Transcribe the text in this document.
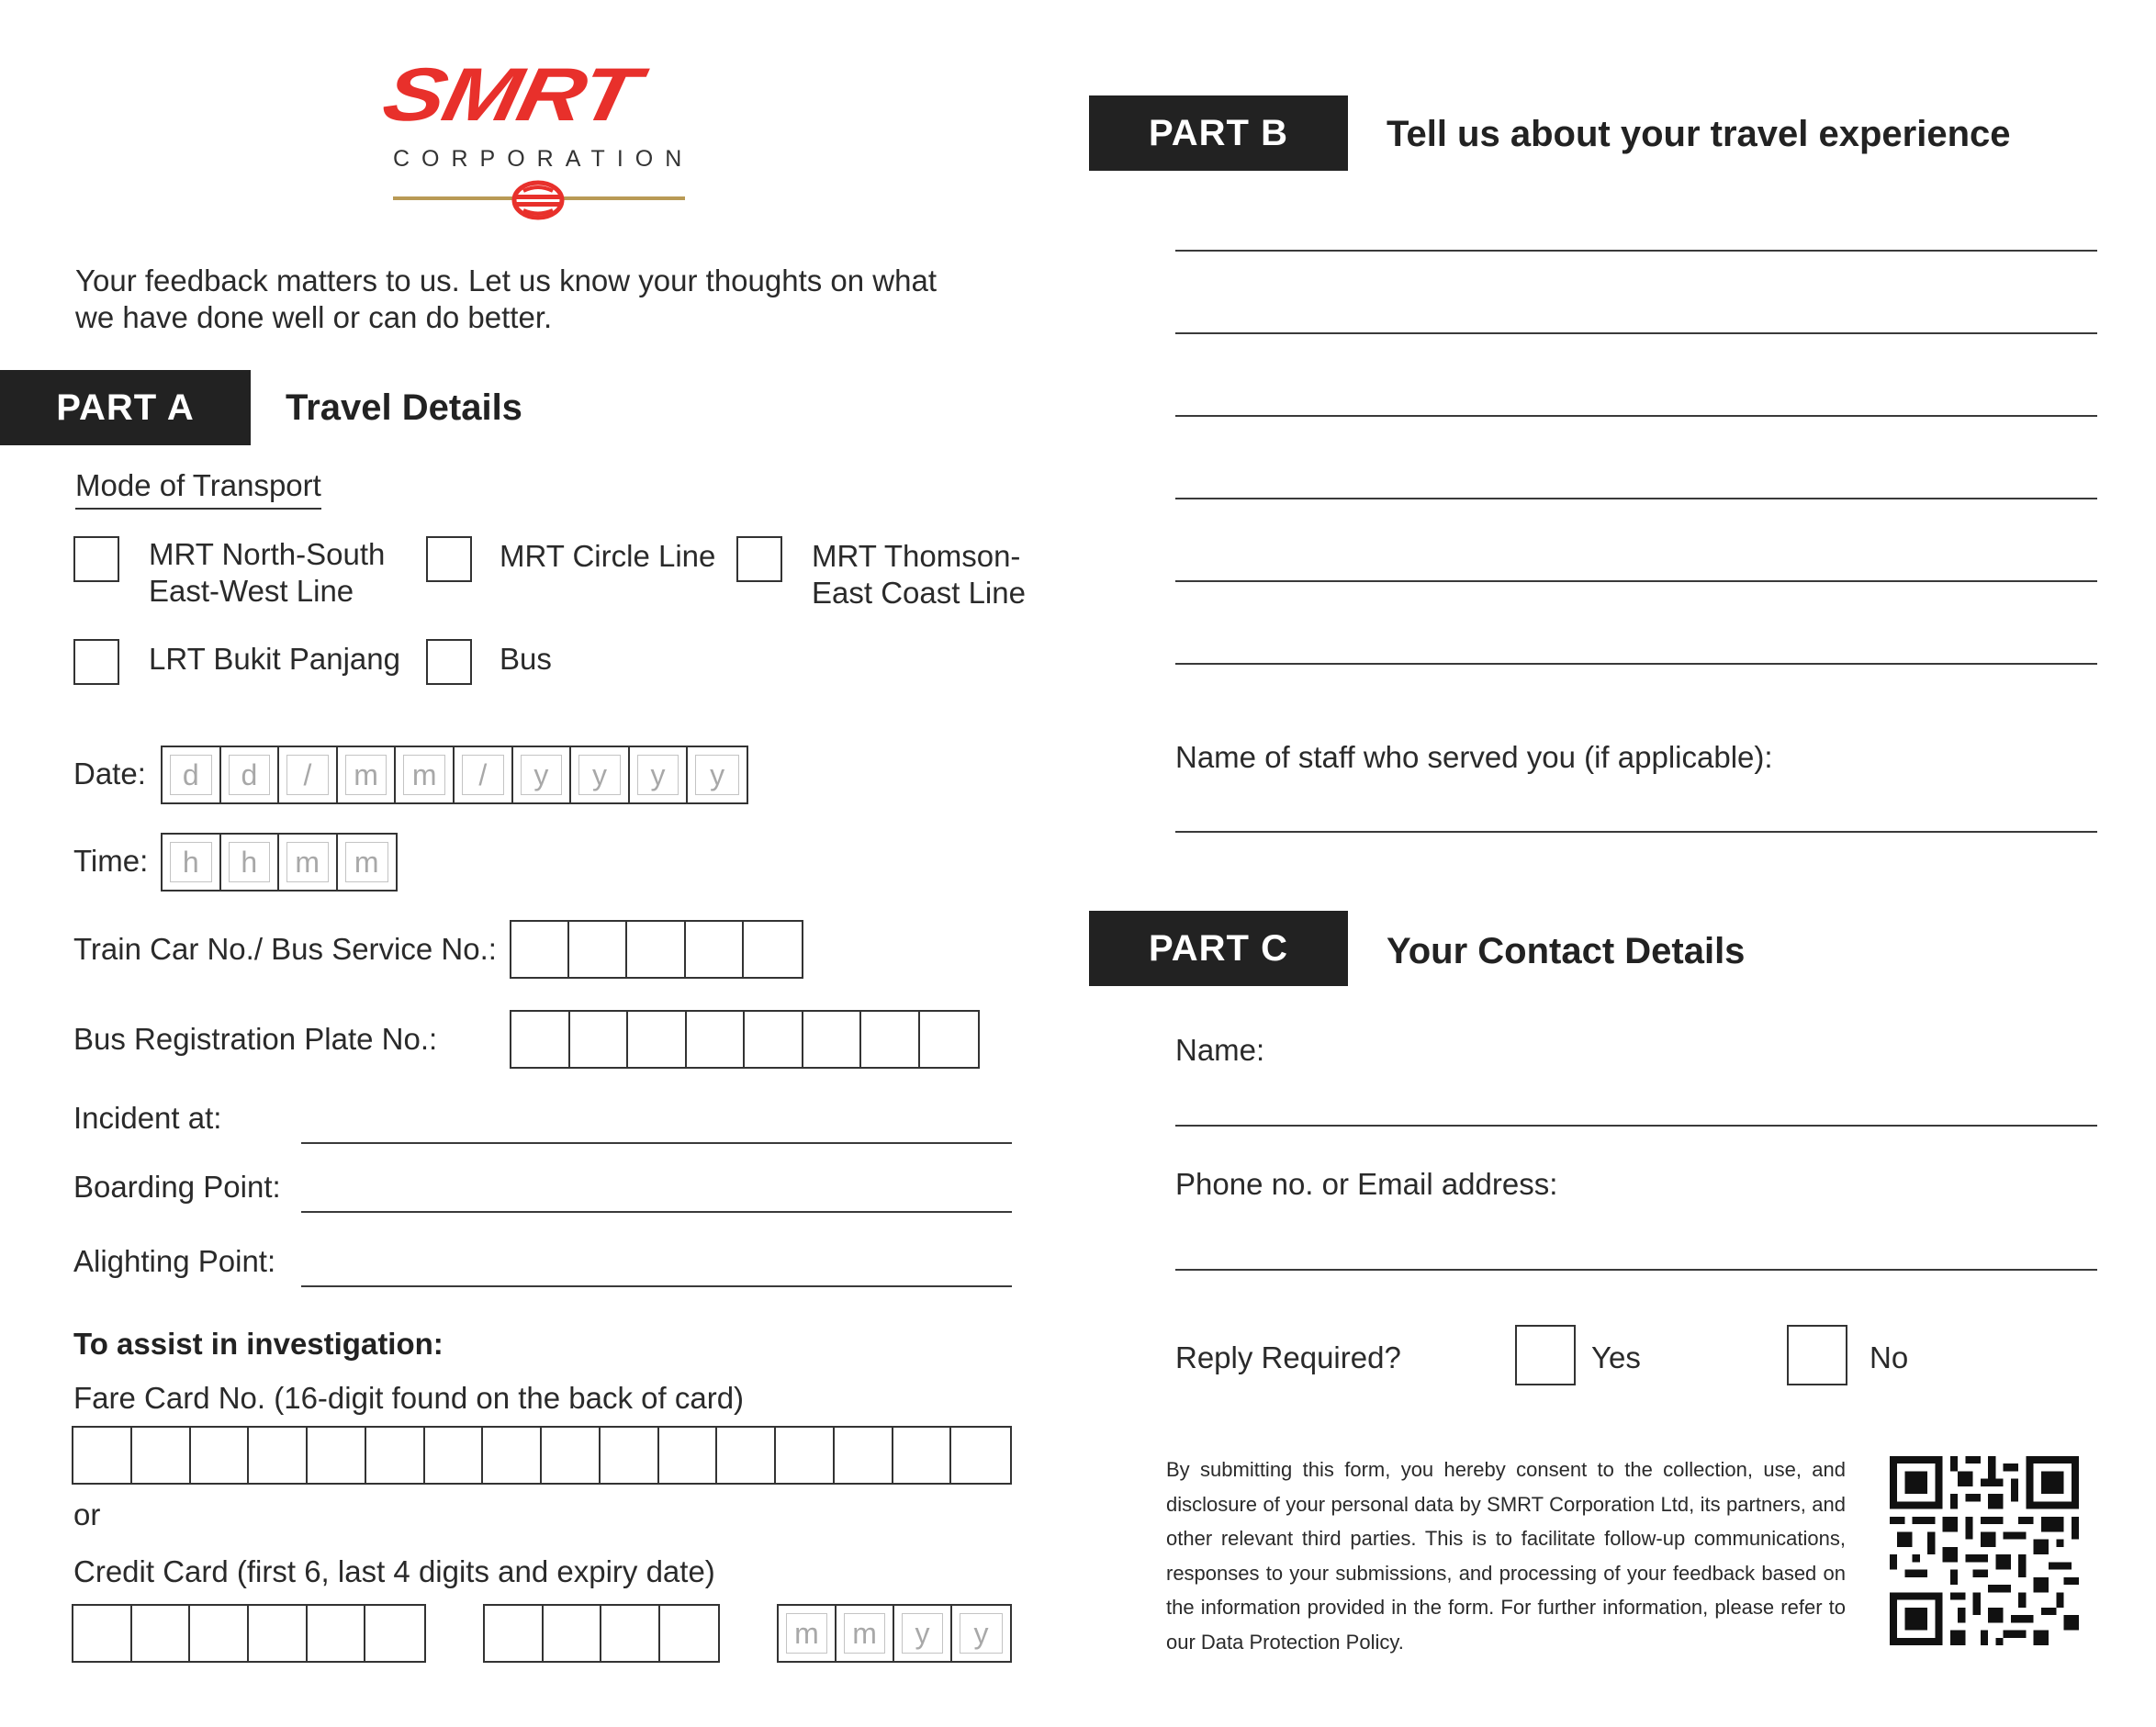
SMRT
CORPORATION
Your feedback matters to us. Let us know your thoughts on what we have done well or can do better.
PART A	Travel Details
Mode of Transport
MRT North-South
East-West Line
MRT Circle Line	MRT Thomson-
East Coast Line
LRT Bukit Panjang	Bus
Date: d d / m m / y y y y
Time: h h m m
Train Car No./ Bus Service No.:
Bus Registration Plate No.:
Incident at:
Boarding Point:
Alighting Point:
To assist in investigation:
Fare Card No. (16-digit found on the back of card)
or
Credit Card (first 6, last 4 digits and expiry date)
m m y y
PART B	Tell us about your travel experience
Name of staff who served you (if applicable):
PART C	Your Contact Details
Name:
Phone no. or Email address:
Reply Required?	Yes	No
By submitting this form, you hereby consent to the collection, use, and disclosure of your personal data by SMRT Corporation Ltd, its partners, and other relevant third parties. This is to facilitate follow-up communications, responses to your submissions, and processing of your feedback based on the information provided in the form. For further information, please refer to our Data Protection Policy.
